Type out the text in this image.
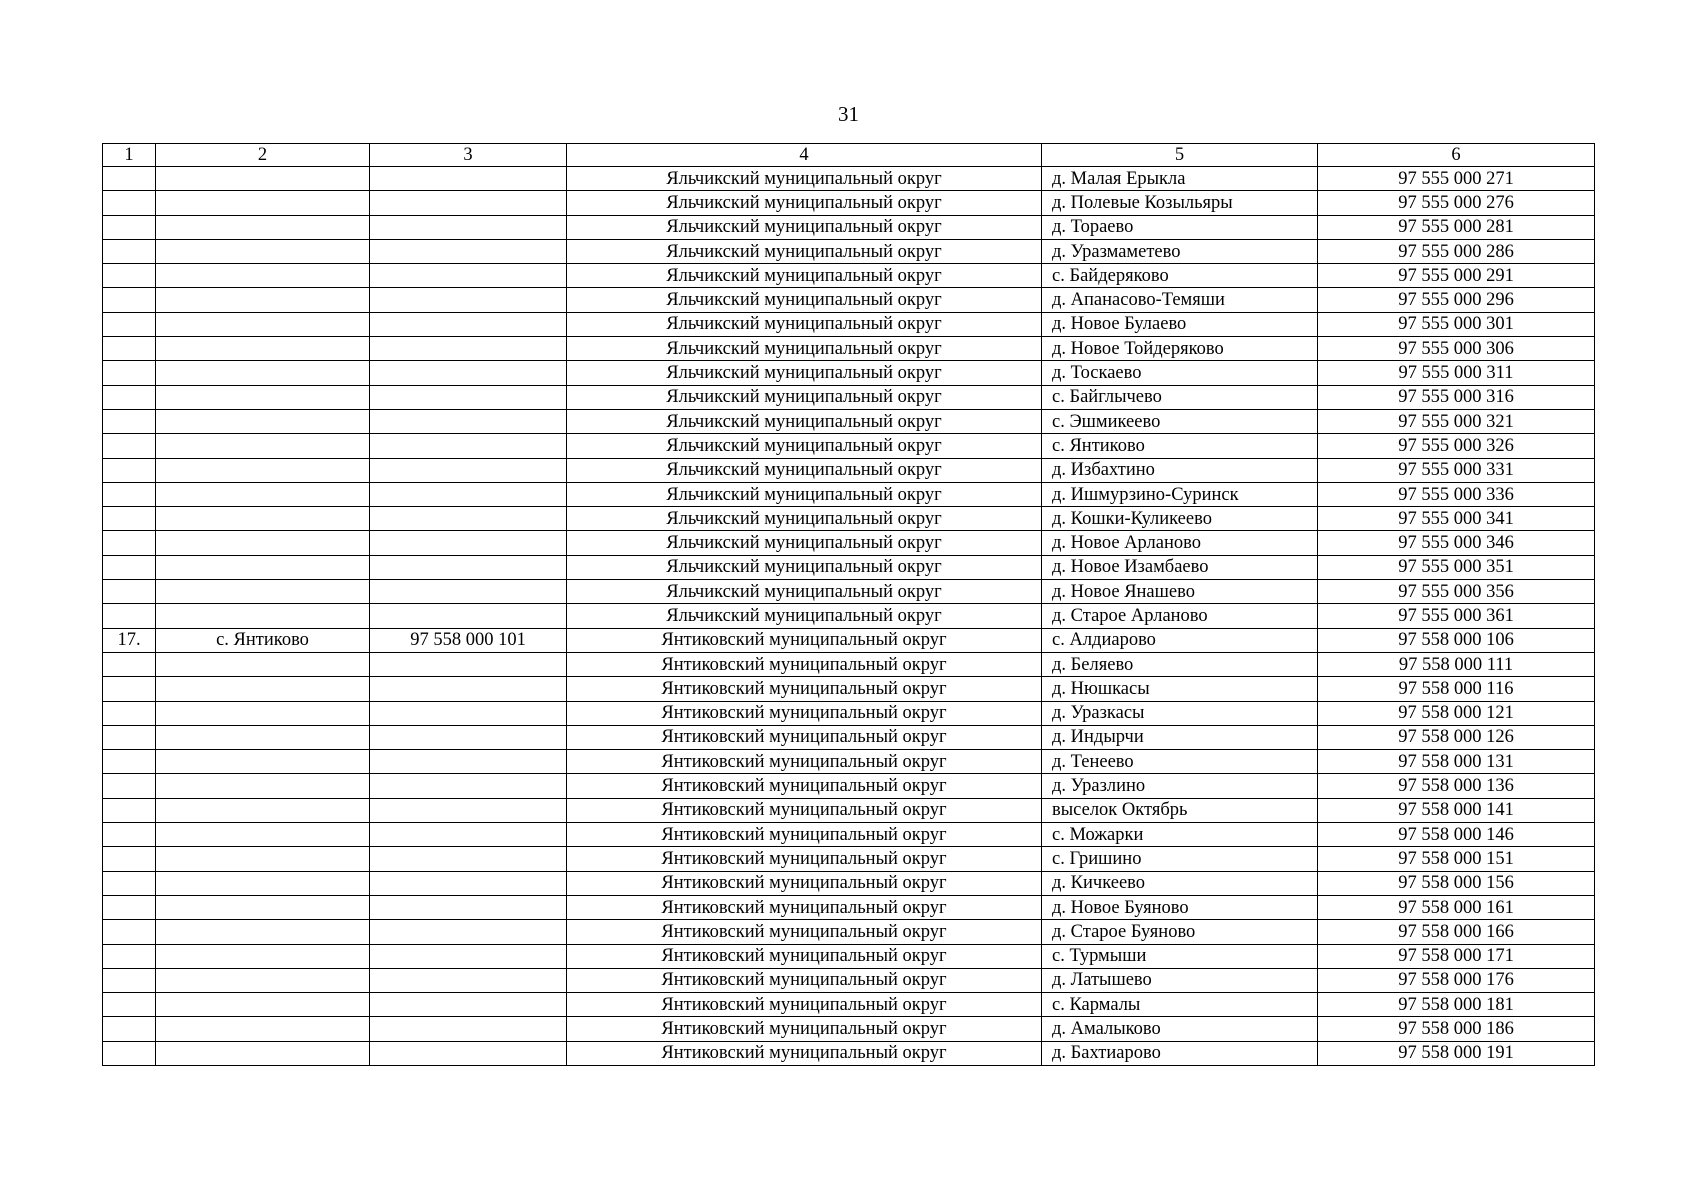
31
1	2	3	4	5	6
			Яльчикский муниципальный округ	д. Малая Ерыкла	97 555 000 271
			Яльчикский муниципальный округ	д. Полевые Козыльяры	97 555 000 276
			Яльчикский муниципальный округ	д. Тораево	97 555 000 281
			Яльчикский муниципальный округ	д. Уразмаметево	97 555 000 286
			Яльчикский муниципальный округ	с. Байдеряково	97 555 000 291
			Яльчикский муниципальный округ	д. Апанасово-Темяши	97 555 000 296
			Яльчикский муниципальный округ	д. Новое Булаево	97 555 000 301
			Яльчикский муниципальный округ	д. Новое Тойдеряково	97 555 000 306
			Яльчикский муниципальный округ	д. Тоскаево	97 555 000 311
			Яльчикский муниципальный округ	с. Байглычево	97 555 000 316
			Яльчикский муниципальный округ	с. Эшмикеево	97 555 000 321
			Яльчикский муниципальный округ	с. Янтиково	97 555 000 326
			Яльчикский муниципальный округ	д. Избахтино	97 555 000 331
			Яльчикский муниципальный округ	д. Ишмурзино-Суринск	97 555 000 336
			Яльчикский муниципальный округ	д. Кошки-Куликеево	97 555 000 341
			Яльчикский муниципальный округ	д. Новое Арланово	97 555 000 346
			Яльчикский муниципальный округ	д. Новое Изамбаево	97 555 000 351
			Яльчикский муниципальный округ	д. Новое Янашево	97 555 000 356
			Яльчикский муниципальный округ	д. Старое Арланово	97 555 000 361
17.	с. Янтиково	97 558 000 101	Янтиковский муниципальный округ	с. Алдиарово	97 558 000 106
			Янтиковский муниципальный округ	д. Беляево	97 558 000 111
			Янтиковский муниципальный округ	д. Нюшкасы	97 558 000 116
			Янтиковский муниципальный округ	д. Уразкасы	97 558 000 121
			Янтиковский муниципальный округ	д. Индырчи	97 558 000 126
			Янтиковский муниципальный округ	д. Тенеево	97 558 000 131
			Янтиковский муниципальный округ	д. Уразлино	97 558 000 136
			Янтиковский муниципальный округ	выселок Октябрь	97 558 000 141
			Янтиковский муниципальный округ	с. Можарки	97 558 000 146
			Янтиковский муниципальный округ	с. Гришино	97 558 000 151
			Янтиковский муниципальный округ	д. Кичкеево	97 558 000 156
			Янтиковский муниципальный округ	д. Новое Буяново	97 558 000 161
			Янтиковский муниципальный округ	д. Старое Буяново	97 558 000 166
			Янтиковский муниципальный округ	с. Турмыши	97 558 000 171
			Янтиковский муниципальный округ	д. Латышево	97 558 000 176
			Янтиковский муниципальный округ	с. Кармалы	97 558 000 181
			Янтиковский муниципальный округ	д. Амалыково	97 558 000 186
			Янтиковский муниципальный округ	д. Бахтиарово	97 558 000 191
